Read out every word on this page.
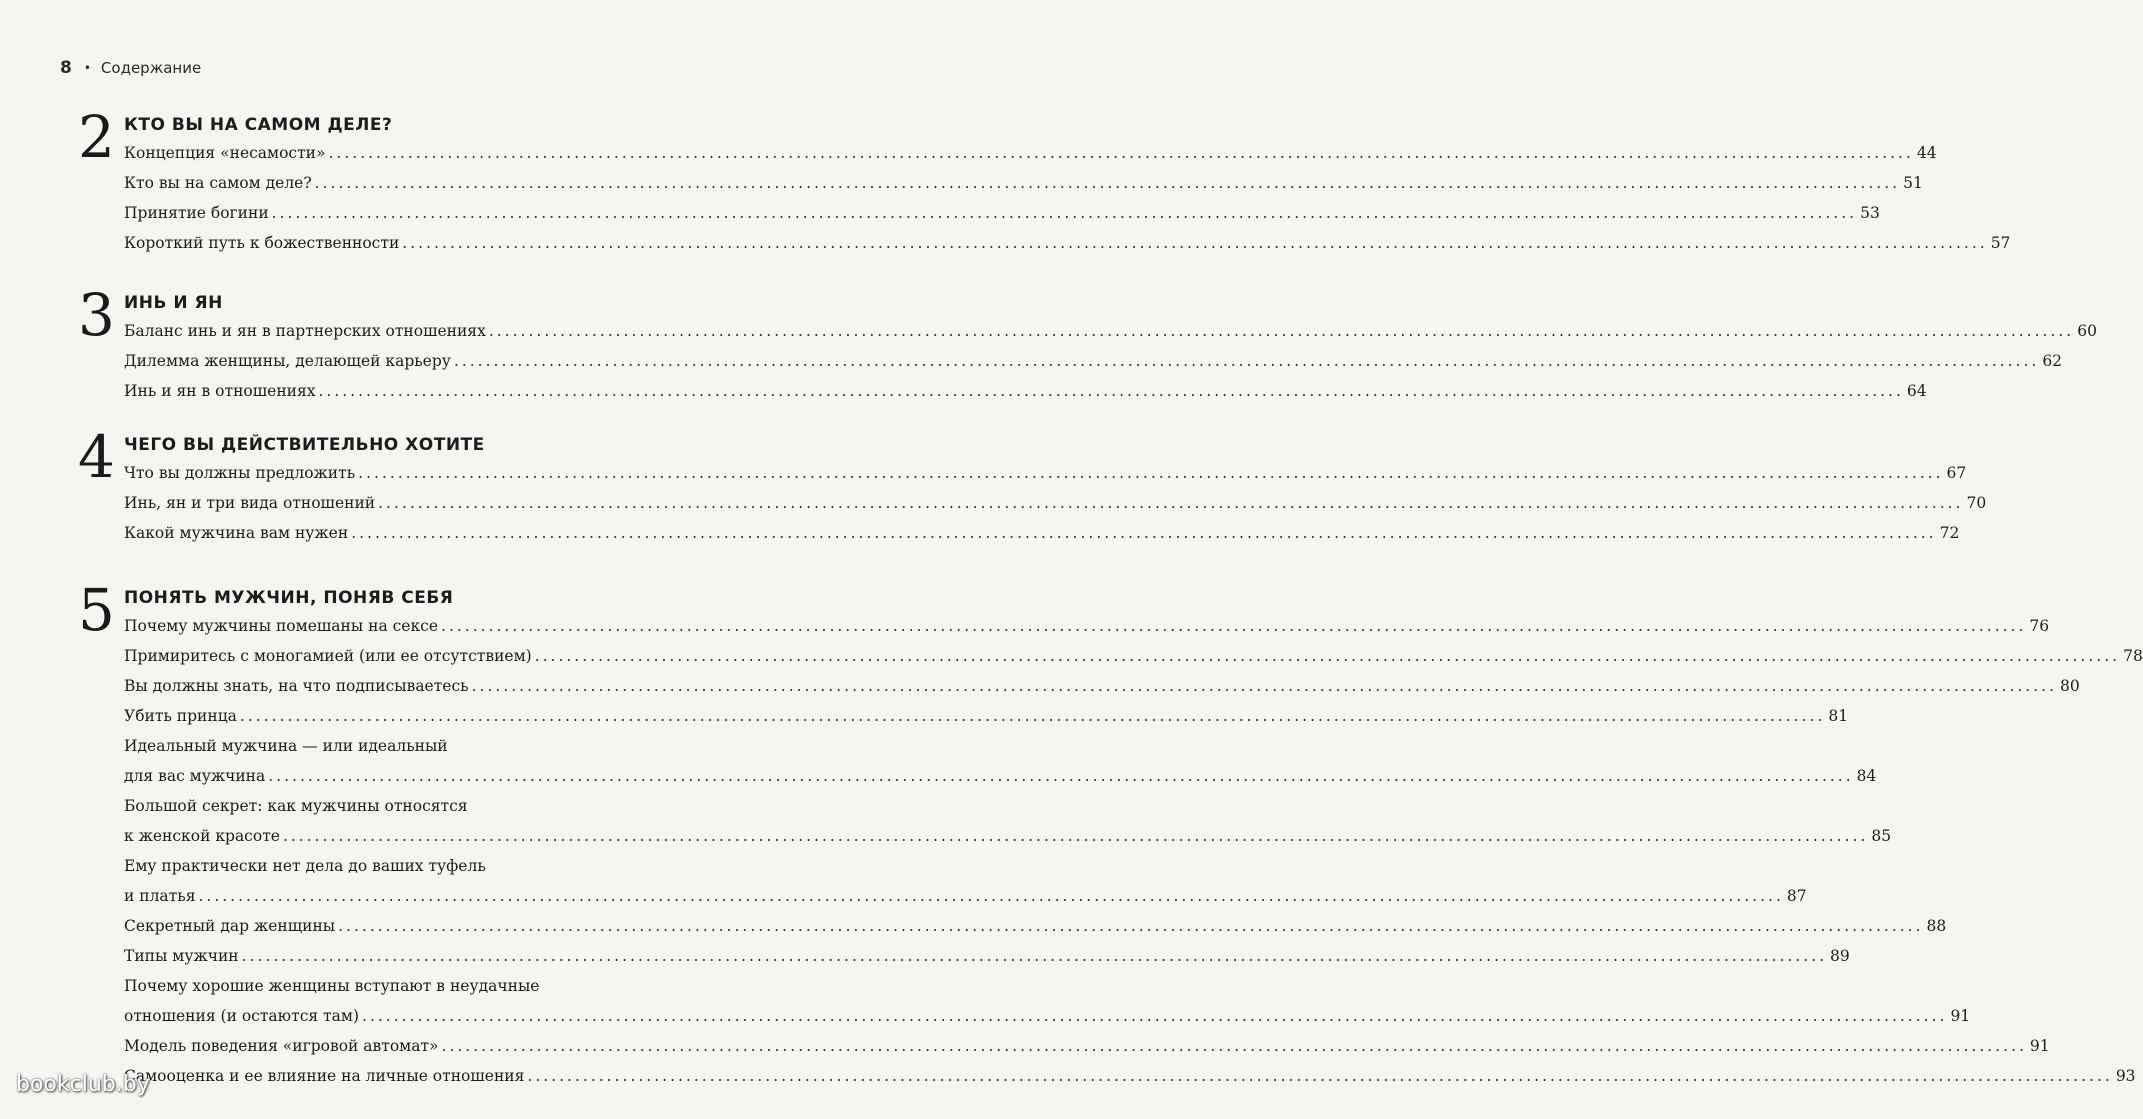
8 • Содержание
2 КТО ВЫ НА САМОМ ДЕЛЕ?
Концепция «несамости» ........................................................................................................................................................................................................ 44
Кто вы на самом деле? ........................................................................................................................................................................................................ 51
Принятие богини ........................................................................................................................................................................................................ 53
Короткий путь к божественности ........................................................................................................................................................................................................ 57
3 ИНЬ И ЯН
Баланс инь и ян в партнерских отношениях ........................................................................................................................................................................................................ 60
Дилемма женщины, делающей карьеру ........................................................................................................................................................................................................ 62
Инь и ян в отношениях ........................................................................................................................................................................................................ 64
4 ЧЕГО ВЫ ДЕЙСТВИТЕЛЬНО ХОТИТЕ
Что вы должны предложить ........................................................................................................................................................................................................ 67
Инь, ян и три вида отношений ........................................................................................................................................................................................................ 70
Какой мужчина вам нужен ........................................................................................................................................................................................................ 72
5 ПОНЯТЬ МУЖЧИН, ПОНЯВ СЕБЯ
Почему мужчины помешаны на сексе ........................................................................................................................................................................................................ 76
Примиритесь с моногамией (или ее отсутствием) ........................................................................................................................................................................................................ 78
Вы должны знать, на что подписываетесь ........................................................................................................................................................................................................ 80
Убить принца ........................................................................................................................................................................................................ 81
Идеальный мужчина — или идеальный
для вас мужчина ........................................................................................................................................................................................................ 84
Большой секрет: как мужчины относятся
к женской красоте ........................................................................................................................................................................................................ 85
Ему практически нет дела до ваших туфель
и платья ........................................................................................................................................................................................................ 87
Секретный дар женщины ........................................................................................................................................................................................................ 88
Типы мужчин ........................................................................................................................................................................................................ 89
Почему хорошие женщины вступают в неудачные
отношения (и остаются там) ........................................................................................................................................................................................................ 91
Модель поведения «игровой автомат» ........................................................................................................................................................................................................ 91
Самооценка и ее влияние на личные отношения ........................................................................................................................................................................................................ 93
bookclub.by
